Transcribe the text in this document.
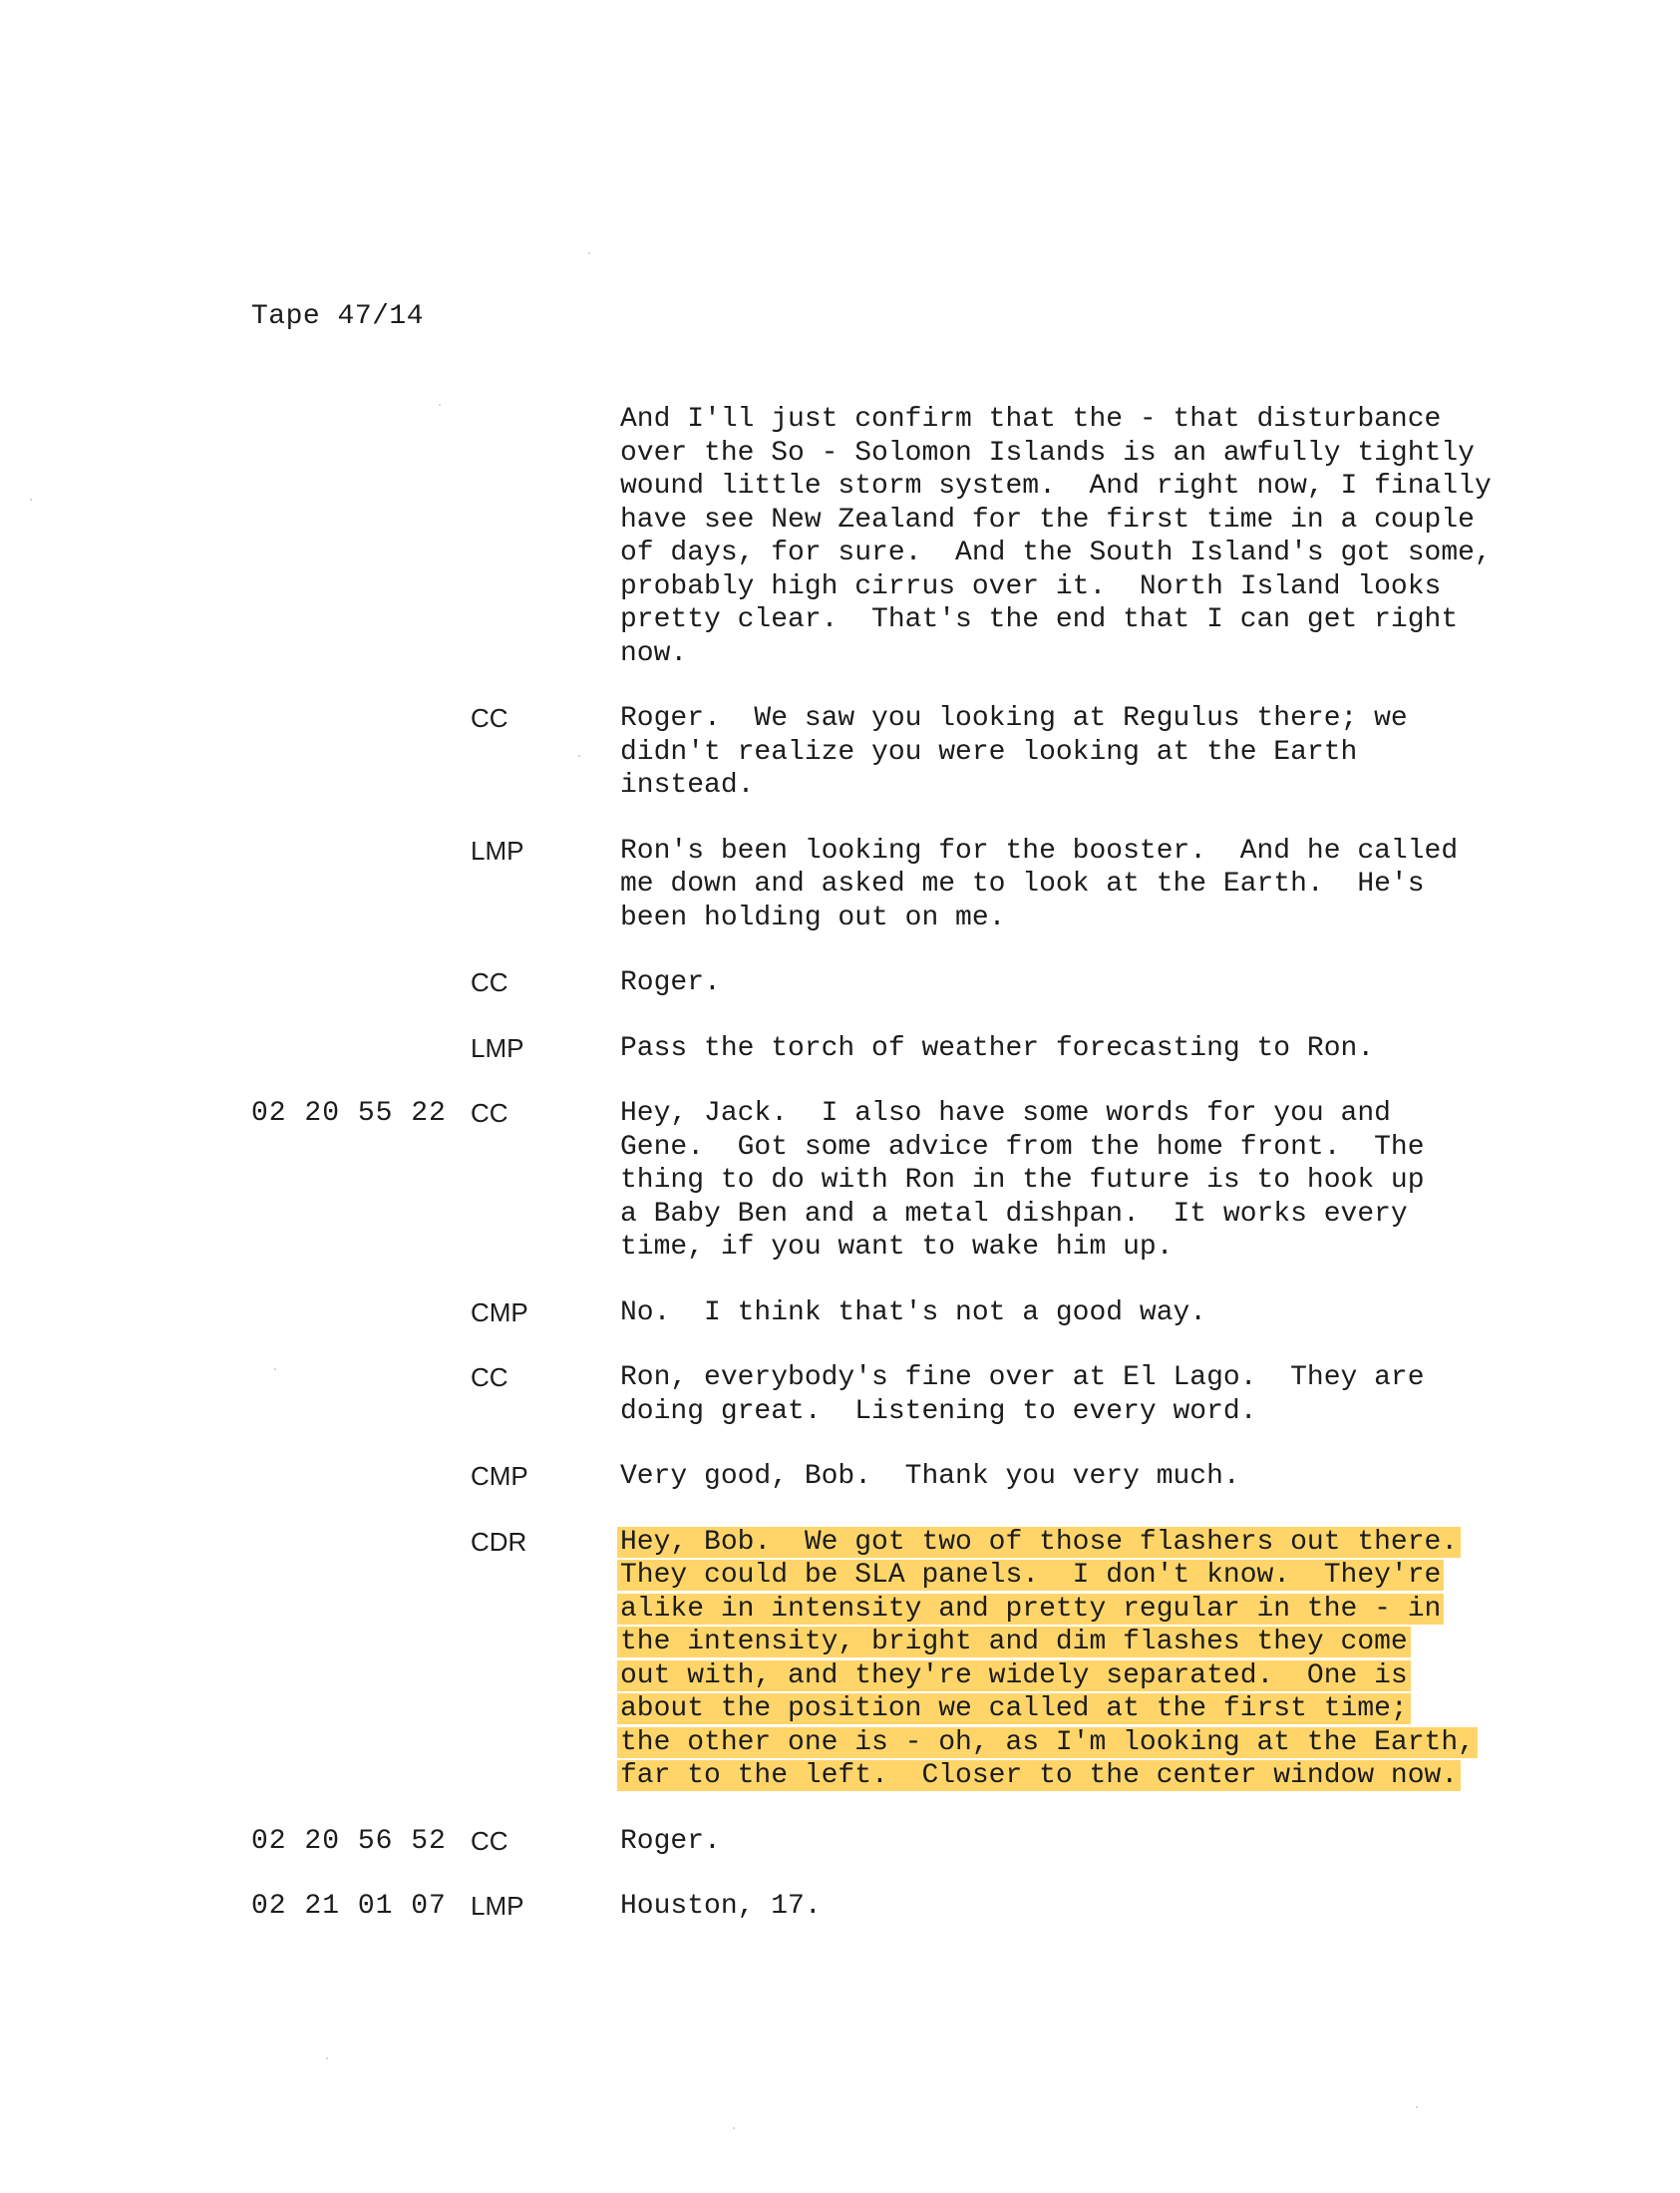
Tape 47/14
And I'll just confirm that the - that disturbance
over the So - Solomon Islands is an awfully tightly
wound little storm system.  And right now, I finally
have see New Zealand for the first time in a couple
of days, for sure.  And the South Island's got some,
probably high cirrus over it.  North Island looks
pretty clear.  That's the end that I can get right
now.
CC	Roger.  We saw you looking at Regulus there; we
didn't realize you were looking at the Earth
instead.
LMP	Ron's been looking for the booster.  And he called
me down and asked me to look at the Earth.  He's
been holding out on me.
CC	Roger.
LMP	Pass the torch of weather forecasting to Ron.
02 20 55 22 CC	Hey, Jack.  I also have some words for you and
Gene.  Got some advice from the home front.  The
thing to do with Ron in the future is to hook up
a Baby Ben and a metal dishpan.  It works every
time, if you want to wake him up.
CMP	No.  I think that's not a good way.
CC	Ron, everybody's fine over at El Lago.  They are
doing great.  Listening to every word.
CMP	Very good, Bob.  Thank you very much.
CDR	Hey, Bob.  We got two of those flashers out there.
They could be SLA panels.  I don't know.  They're
alike in intensity and pretty regular in the - in
the intensity, bright and dim flashes they come
out with, and they're widely separated.  One is
about the position we called at the first time;
the other one is - oh, as I'm looking at the Earth,
far to the left.  Closer to the center window now.
02 20 56 52 CC	Roger.
02 21 01 07 LMP	Houston, 17.
